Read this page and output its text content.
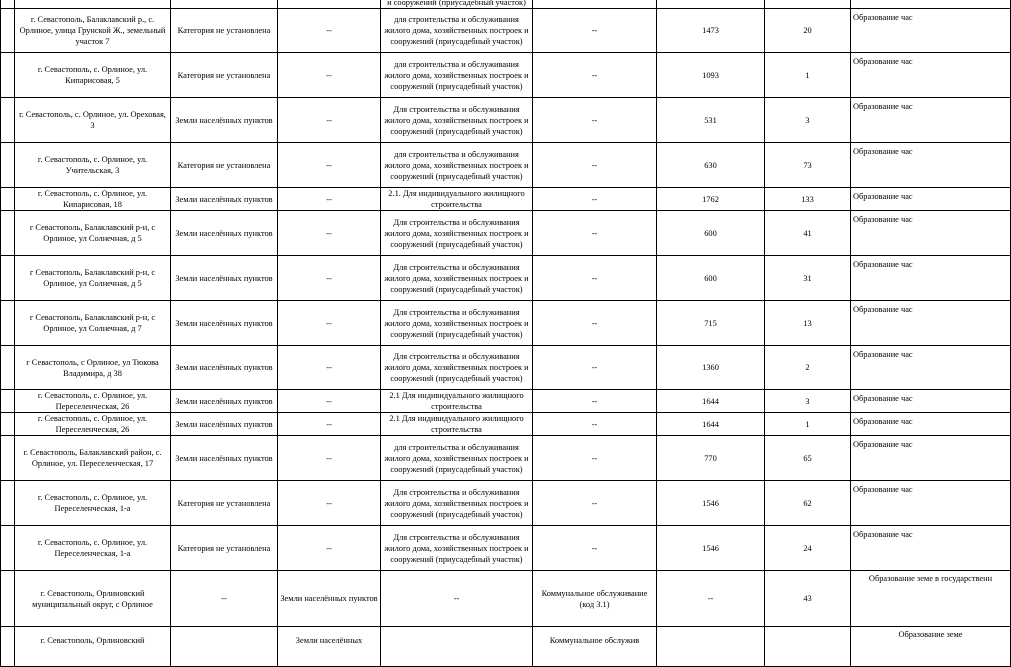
				и сооружений (приусадебный участок)				
	г. Севастополь, Балаклавский р., с. Орлиное, улица Грунской Ж., земельный участок 7	Категория не установлена	--	для строительства и обслуживания жилого дома, хозяйственных построек и сооружений (приусадебный участок)	--	1473	20	Образование час
	г. Севастополь, с. Орлиное, ул. Кипарисовая, 5	Категория не установлена	--	для строительства и обслуживания жилого дома, хозяйственных построек и сооружений (приусадебный участок)	--	1093	1	Образование час
	г. Севастополь, с. Орлиное, ул. Ореховая, 3	Земли населённых пунктов	--	Для строительства и обслуживания жилого дома, хозяйственных построек и сооружений (приусадебный участок)	--	531	3	Образование час
	г. Севастополь, с. Орлиное, ул. Учительская, 3	Категория не установлена	--	для строительства и обслуживания жилого дома, хозяйственных построек и сооружений (приусадебный участок)	--	630	73	Образование час
	г. Севастополь, с. Орлиное, ул. Кипарисовая, 18	Земли населённых пунктов	--	2.1. Для индивидуального жилищного строительства	--	1762	133	Образование час
	г Севастополь, Балаклавский р-н, с Орлиное, ул Солнечная, д 5	Земли населённых пунктов	--	Для строительства и обслуживания жилого дома, хозяйственных построек и сооружений (приусадебный участок)	--	600	41	Образование час
	г Севастополь, Балаклавский р-н, с Орлиное, ул Солнечная, д 5	Земли населённых пунктов	--	Для строительства и обслуживания жилого дома, хозяйственных построек и сооружений (приусадебный участок)	--	600	31	Образование час
	г Севастополь, Балаклавский р-н, с Орлиное, ул Солнечная, д 7	Земли населённых пунктов	--	Для строительства и обслуживания жилого дома, хозяйственных построек и сооружений (приусадебный участок)	--	715	13	Образование час
	г Севастополь, с Орлиное, ул Тюкова Владимира, д 38	Земли населённых пунктов	--	Для строительства и обслуживания жилого дома, хозяйственных построек и сооружений (приусадебный участок)	--	1360	2	Образование час
	г. Севастополь, с. Орлиное, ул. Переселенческая, 26	Земли населённых пунктов	--	2.1 Для индивидуального жилищного строительства	--	1644	3	Образование час
	г. Севастополь, с. Орлиное, ул. Переселенческая, 26	Земли населённых пунктов	--	2.1 Для индивидуального жилищного строительства	--	1644	1	Образование час
	г. Севастополь, Балаклавский район, с. Орлиное, ул. Переселенческая, 17	Земли населённых пунктов	--	для строительства и обслуживания жилого дома, хозяйственных построек и сооружений (приусадебный участок)	--	770	65	Образование час
	г. Севастополь, с. Орлиное, ул. Переселенческая, 1-а	Категория не установлена	--	Для строительства и обслуживания жилого дома, хозяйственных построек и сооружений (приусадебный участок)	--	1546	62	Образование час
	г. Севастополь, с. Орлиное, ул. Переселенческая, 1-а	Категория не установлена	--	Для строительства и обслуживания жилого дома, хозяйственных построек и сооружений (приусадебный участок)	--	1546	24	Образование час
	г. Севастополь, Орлиновский муниципальный округ, с Орлиное	--	Земли населённых пунктов	--	Коммунальное обслуживание (код 3.1)	--	43	Образование земе в государственн
	г. Севастополь, Орлиновский		Земли населённых		Коммунальное обслужив			Образование земе
